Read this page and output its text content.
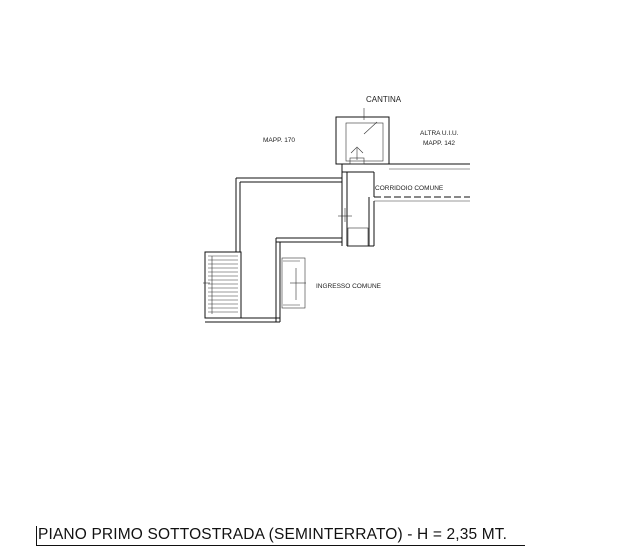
CANTINA
MAPP. 170
ALTRA U.I.U.
MAPP. 142
CORRIDOIO COMUNE
INGRESSO COMUNE

PIANO PRIMO SOTTOSTRADA (SEMINTERRATO) - H = 2,35 MT.
